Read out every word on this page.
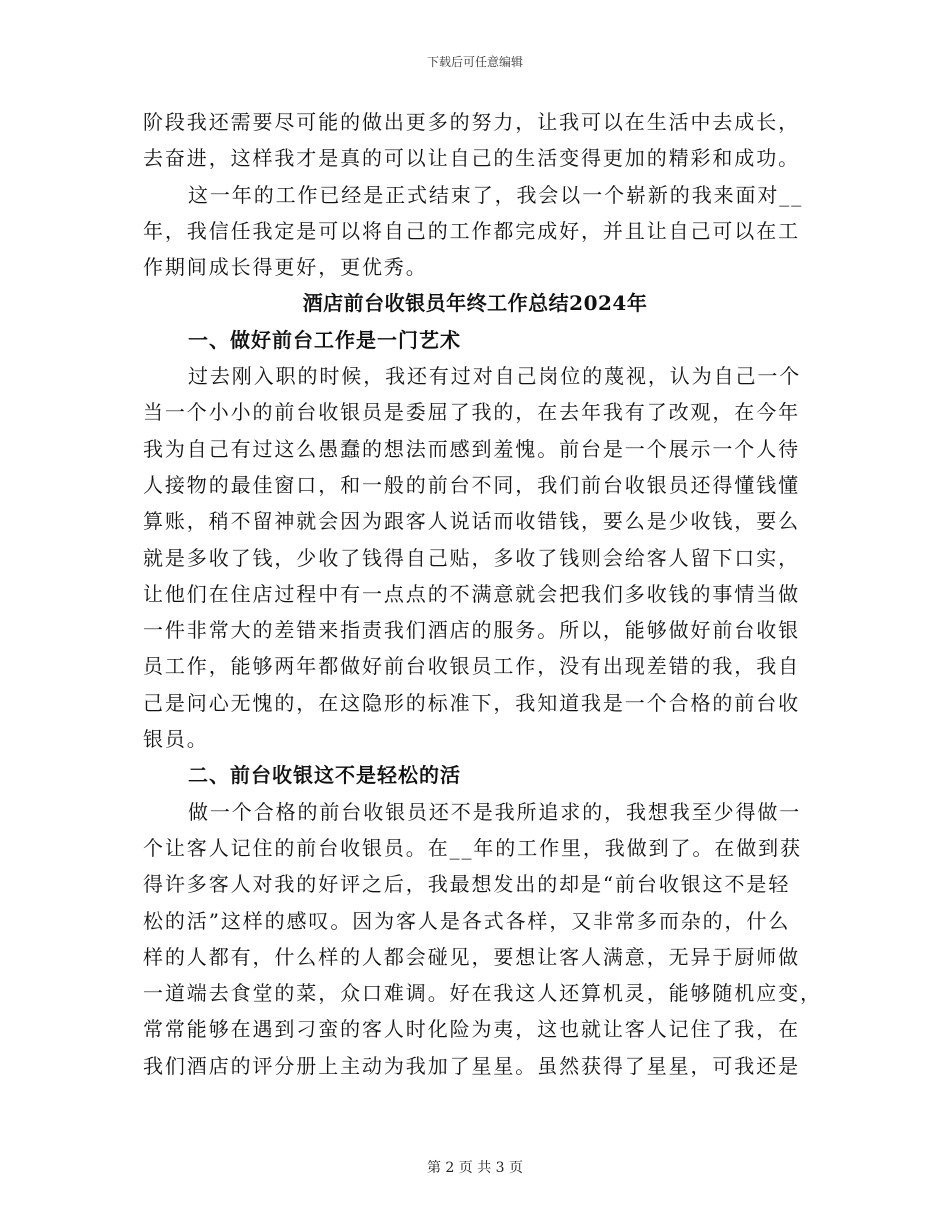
下载后可任意编辑
阶段我还需要尽可能的做出更多的努力，让我可以在生活中去成长，
去奋进，这样我才是真的可以让自己的生活变得更加的精彩和成功。
这一年的工作已经是正式结束了，我会以一个崭新的我来面对__
年，我信任我定是可以将自己的工作都完成好，并且让自己可以在工
作期间成长得更好，更优秀。
酒店前台收银员年终工作总结2024年
一、做好前台工作是一门艺术
过去刚入职的时候，我还有过对自己岗位的蔑视，认为自己一个
当一个小小的前台收银员是委屈了我的，在去年我有了改观，在今年
我为自己有过这么愚蠢的想法而感到羞愧。前台是一个展示一个人待
人接物的最佳窗口，和一般的前台不同，我们前台收银员还得懂钱懂
算账，稍不留神就会因为跟客人说话而收错钱，要么是少收钱，要么
就是多收了钱，少收了钱得自己贴，多收了钱则会给客人留下口实，
让他们在住店过程中有一点点的不满意就会把我们多收钱的事情当做
一件非常大的差错来指责我们酒店的服务。所以，能够做好前台收银
员工作，能够两年都做好前台收银员工作，没有出现差错的我，我自
己是问心无愧的，在这隐形的标准下，我知道我是一个合格的前台收
银员。
二、前台收银这不是轻松的活
做一个合格的前台收银员还不是我所追求的，我想我至少得做一
个让客人记住的前台收银员。在__年的工作里，我做到了。在做到获
得许多客人对我的好评之后，我最想发出的却是“前台收银这不是轻
松的活”这样的感叹。因为客人是各式各样，又非常多而杂的，什么
样的人都有，什么样的人都会碰见，要想让客人满意，无异于厨师做
一道端去食堂的菜，众口难调。好在我这人还算机灵，能够随机应变，
常常能够在遇到刁蛮的客人时化险为夷，这也就让客人记住了我，在
我们酒店的评分册上主动为我加了星星。虽然获得了星星，可我还是
第 2 页 共 3 页
